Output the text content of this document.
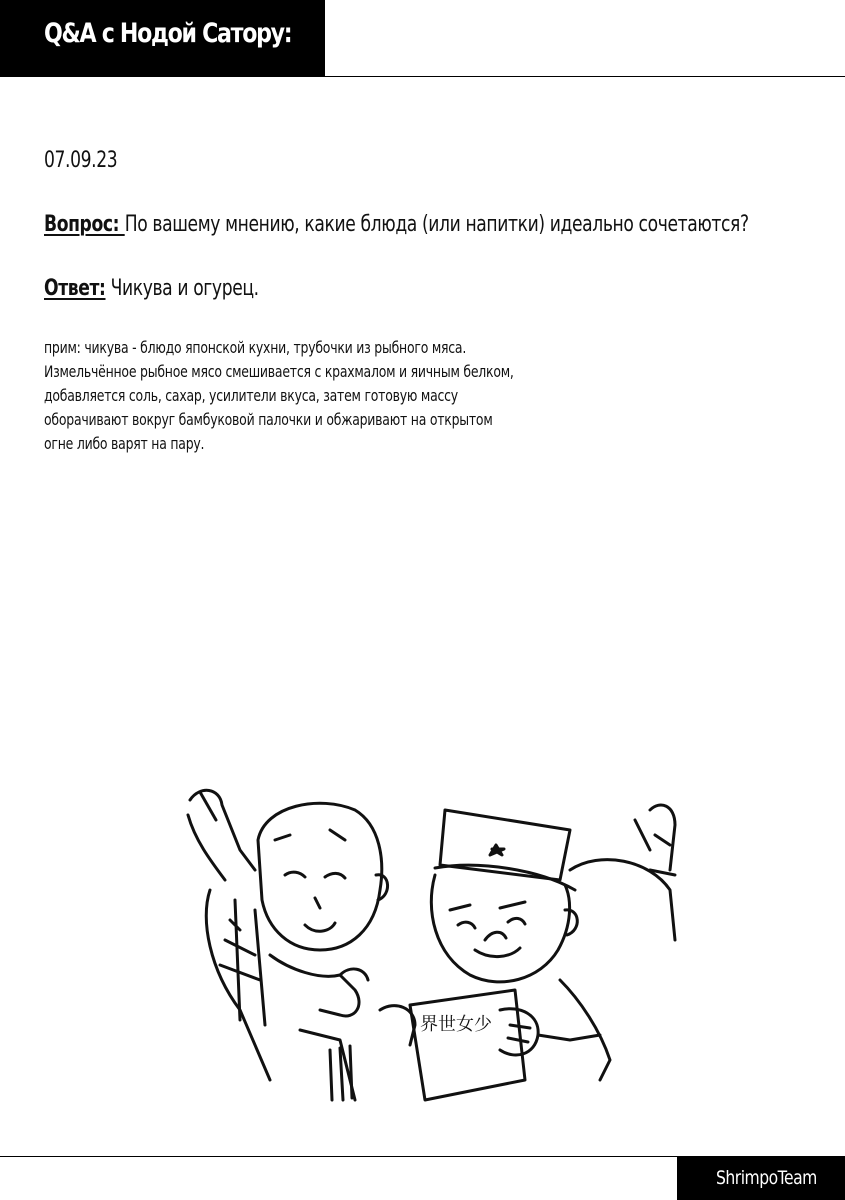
Q&A с Нодой Сатору:
07.09.23
Вопрос: По вашему мнению, какие блюда (или напитки) идеально сочетаются?
Ответ: Чикува и огурец.
прим: чикува - блюдо японской кухни, трубочки из рыбного мяса.
Измельчённое рыбное мясо смешивается с крахмалом и яичным белком,
добавляется соль, сахар, усилители вкуса, затем готовую массу
оборачивают вокруг бамбуковой палочки и обжаривают на открытом
огне либо варят на пару.
界世女少
ShrimpoTeam
